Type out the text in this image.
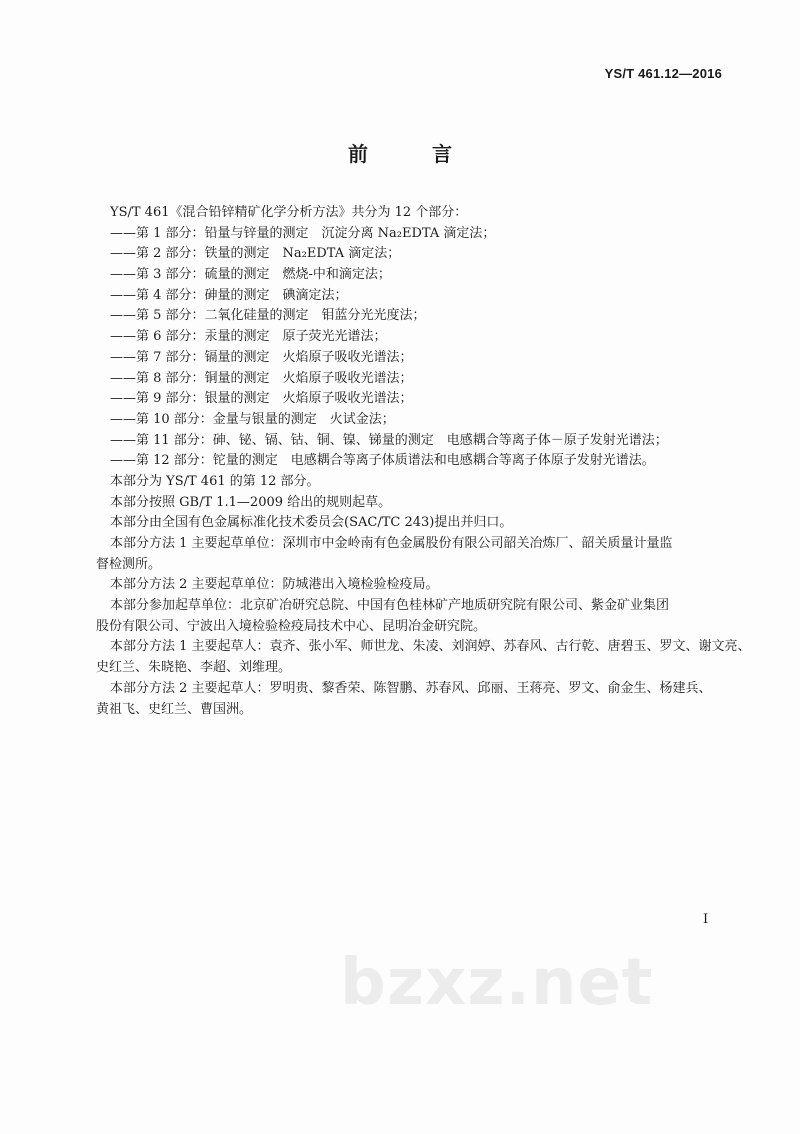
YS/T 461.12—2016
前　言
YS/T 461《混合铅锌精矿化学分析方法》共分为 12 个部分：
——第 1 部分：铅量与锌量的测定　沉淀分离 Na₂EDTA 滴定法；
——第 2 部分：铁量的测定　Na₂EDTA 滴定法；
——第 3 部分：硫量的测定　燃烧-中和滴定法；
——第 4 部分：砷量的测定　碘滴定法；
——第 5 部分：二氧化硅量的测定　钼蓝分光光度法；
——第 6 部分：汞量的测定　原子荧光光谱法；
——第 7 部分：镉量的测定　火焰原子吸收光谱法；
——第 8 部分：铜量的测定　火焰原子吸收光谱法；
——第 9 部分：银量的测定　火焰原子吸收光谱法；
——第 10 部分：金量与银量的测定　火试金法；
——第 11 部分：砷、铋、镉、钴、铜、镍、锑量的测定　电感耦合等离子体－原子发射光谱法；
——第 12 部分：铊量的测定　电感耦合等离子体质谱法和电感耦合等离子体原子发射光谱法。
本部分为 YS/T 461 的第 12 部分。
本部分按照 GB/T 1.1—2009 给出的规则起草。
本部分由全国有色金属标准化技术委员会(SAC/TC 243)提出并归口。
本部分方法 1 主要起草单位：深圳市中金岭南有色金属股份有限公司韶关冶炼厂、韶关质量计量监
督检测所。
本部分方法 2 主要起草单位：防城港出入境检验检疫局。
本部分参加起草单位：北京矿冶研究总院、中国有色桂林矿产地质研究院有限公司、紫金矿业集团
股份有限公司、宁波出入境检验检疫局技术中心、昆明冶金研究院。
本部分方法 1 主要起草人：袁齐、张小军、师世龙、朱凌、刘润婷、苏春风、古行乾、唐碧玉、罗文、谢文亮、
史红兰、朱晓艳、李超、刘维理。
本部分方法 2 主要起草人：罗明贵、黎香荣、陈智鹏、苏春风、邱丽、王蒋亮、罗文、俞金生、杨建兵、
黄祖飞、史红兰、曹国洲。
I
bzxz.net
